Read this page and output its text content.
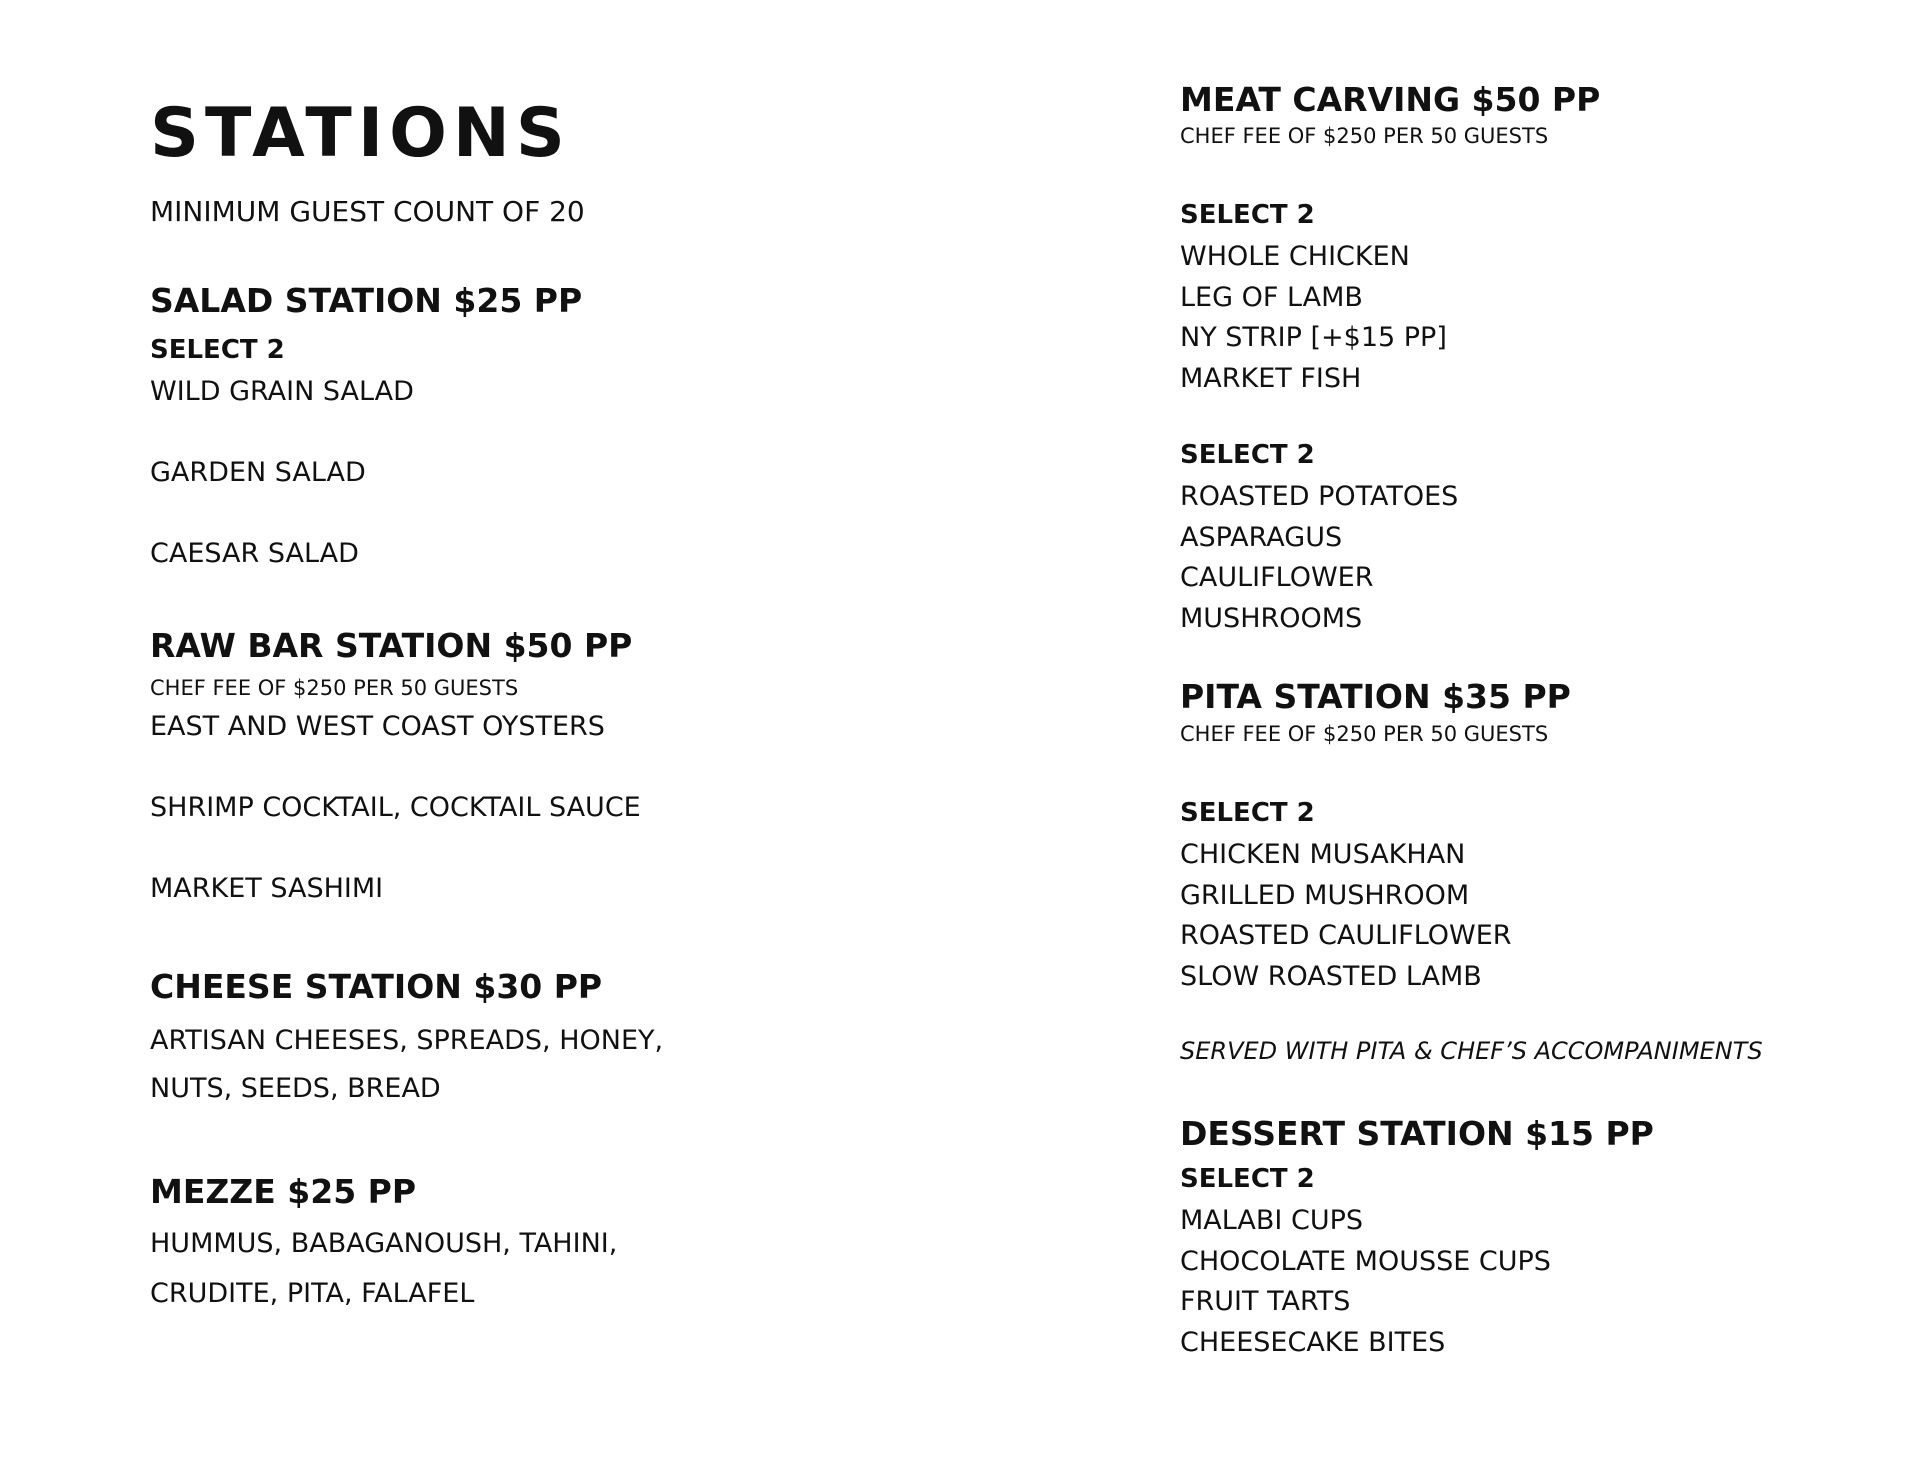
STATIONS
MINIMUM GUEST COUNT OF 20
SALAD STATION $25 PP
SELECT 2
WILD GRAIN SALAD
GARDEN SALAD
CAESAR SALAD
RAW BAR STATION $50 PP
CHEF FEE OF $250 PER 50 GUESTS
EAST AND WEST COAST OYSTERS
SHRIMP COCKTAIL, COCKTAIL SAUCE
MARKET SASHIMI
CHEESE STATION $30 PP
ARTISAN CHEESES, SPREADS, HONEY,
NUTS, SEEDS, BREAD
MEZZE $25 PP
HUMMUS, BABAGANOUSH, TAHINI,
CRUDITE, PITA, FALAFEL
MEAT CARVING $50 PP
CHEF FEE OF $250 PER 50 GUESTS
SELECT 2
WHOLE CHICKEN
LEG OF LAMB
NY STRIP [+$15 PP]
MARKET FISH
SELECT 2
ROASTED POTATOES
ASPARAGUS
CAULIFLOWER
MUSHROOMS
PITA STATION $35 PP
CHEF FEE OF $250 PER 50 GUESTS
SELECT 2
CHICKEN MUSAKHAN
GRILLED MUSHROOM
ROASTED CAULIFLOWER
SLOW ROASTED LAMB
SERVED WITH PITA & CHEF’S ACCOMPANIMENTS
DESSERT STATION $15 PP
SELECT 2
MALABI CUPS
CHOCOLATE MOUSSE CUPS
FRUIT TARTS
CHEESECAKE BITES
